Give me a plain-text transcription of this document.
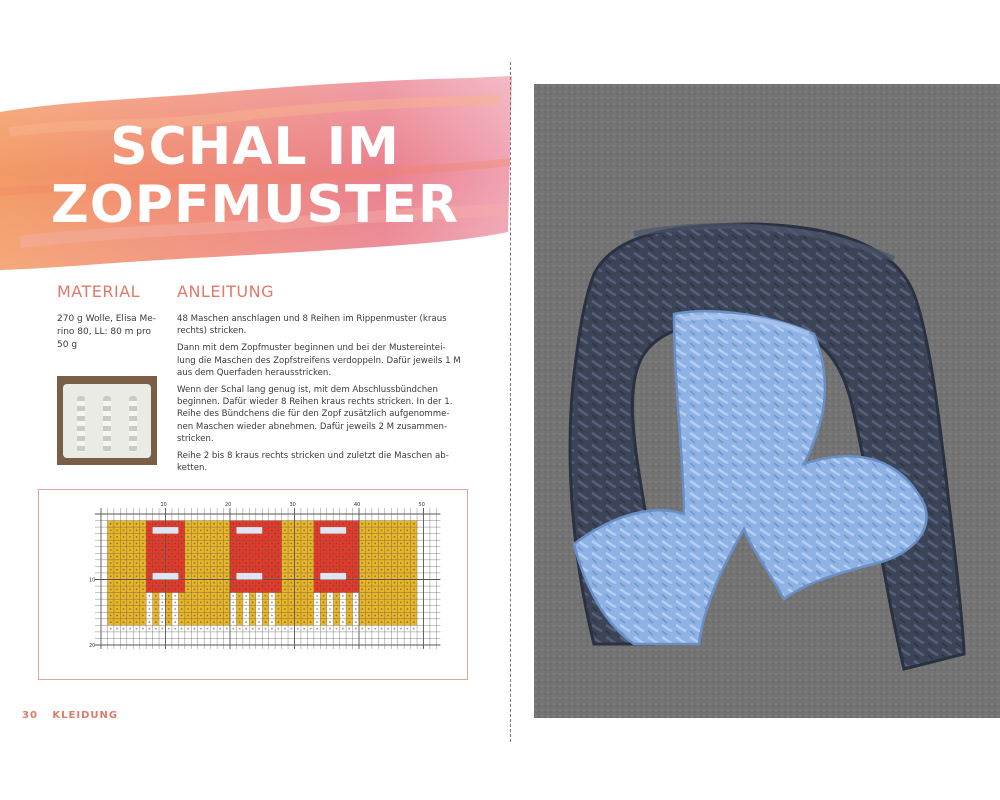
SCHAL IM
ZOPFMUSTER
MATERIAL ANLEITUNG
270 g Wolle, Elisa Me-
rino 80, LL: 80 m pro
50 g

48 Maschen anschlagen und 8 Reihen im Rippenmuster (kraus rechts) stricken.

Dann mit dem Zopfmuster beginnen und bei der Mustereintei-lung die Maschen des Zopfstreifens verdoppeln. Dafür jeweils 1 M aus dem Querfaden herausstricken.

Wenn der Schal lang genug ist, mit dem Abschlussbündchen beginnen. Dafür wieder 8 Reihen kraus rechts stricken. In der 1. Reihe des Bündchens die für den Zopf zusätzlich aufgenomme-nen Maschen wieder abnehmen. Dafür jeweils 2 M zusammen-stricken.

Reihe 2 bis 8 kraus rechts stricken und zuletzt die Maschen ab-ketten.

10	20	30	40	50
10
20
30 KLEIDUNG
